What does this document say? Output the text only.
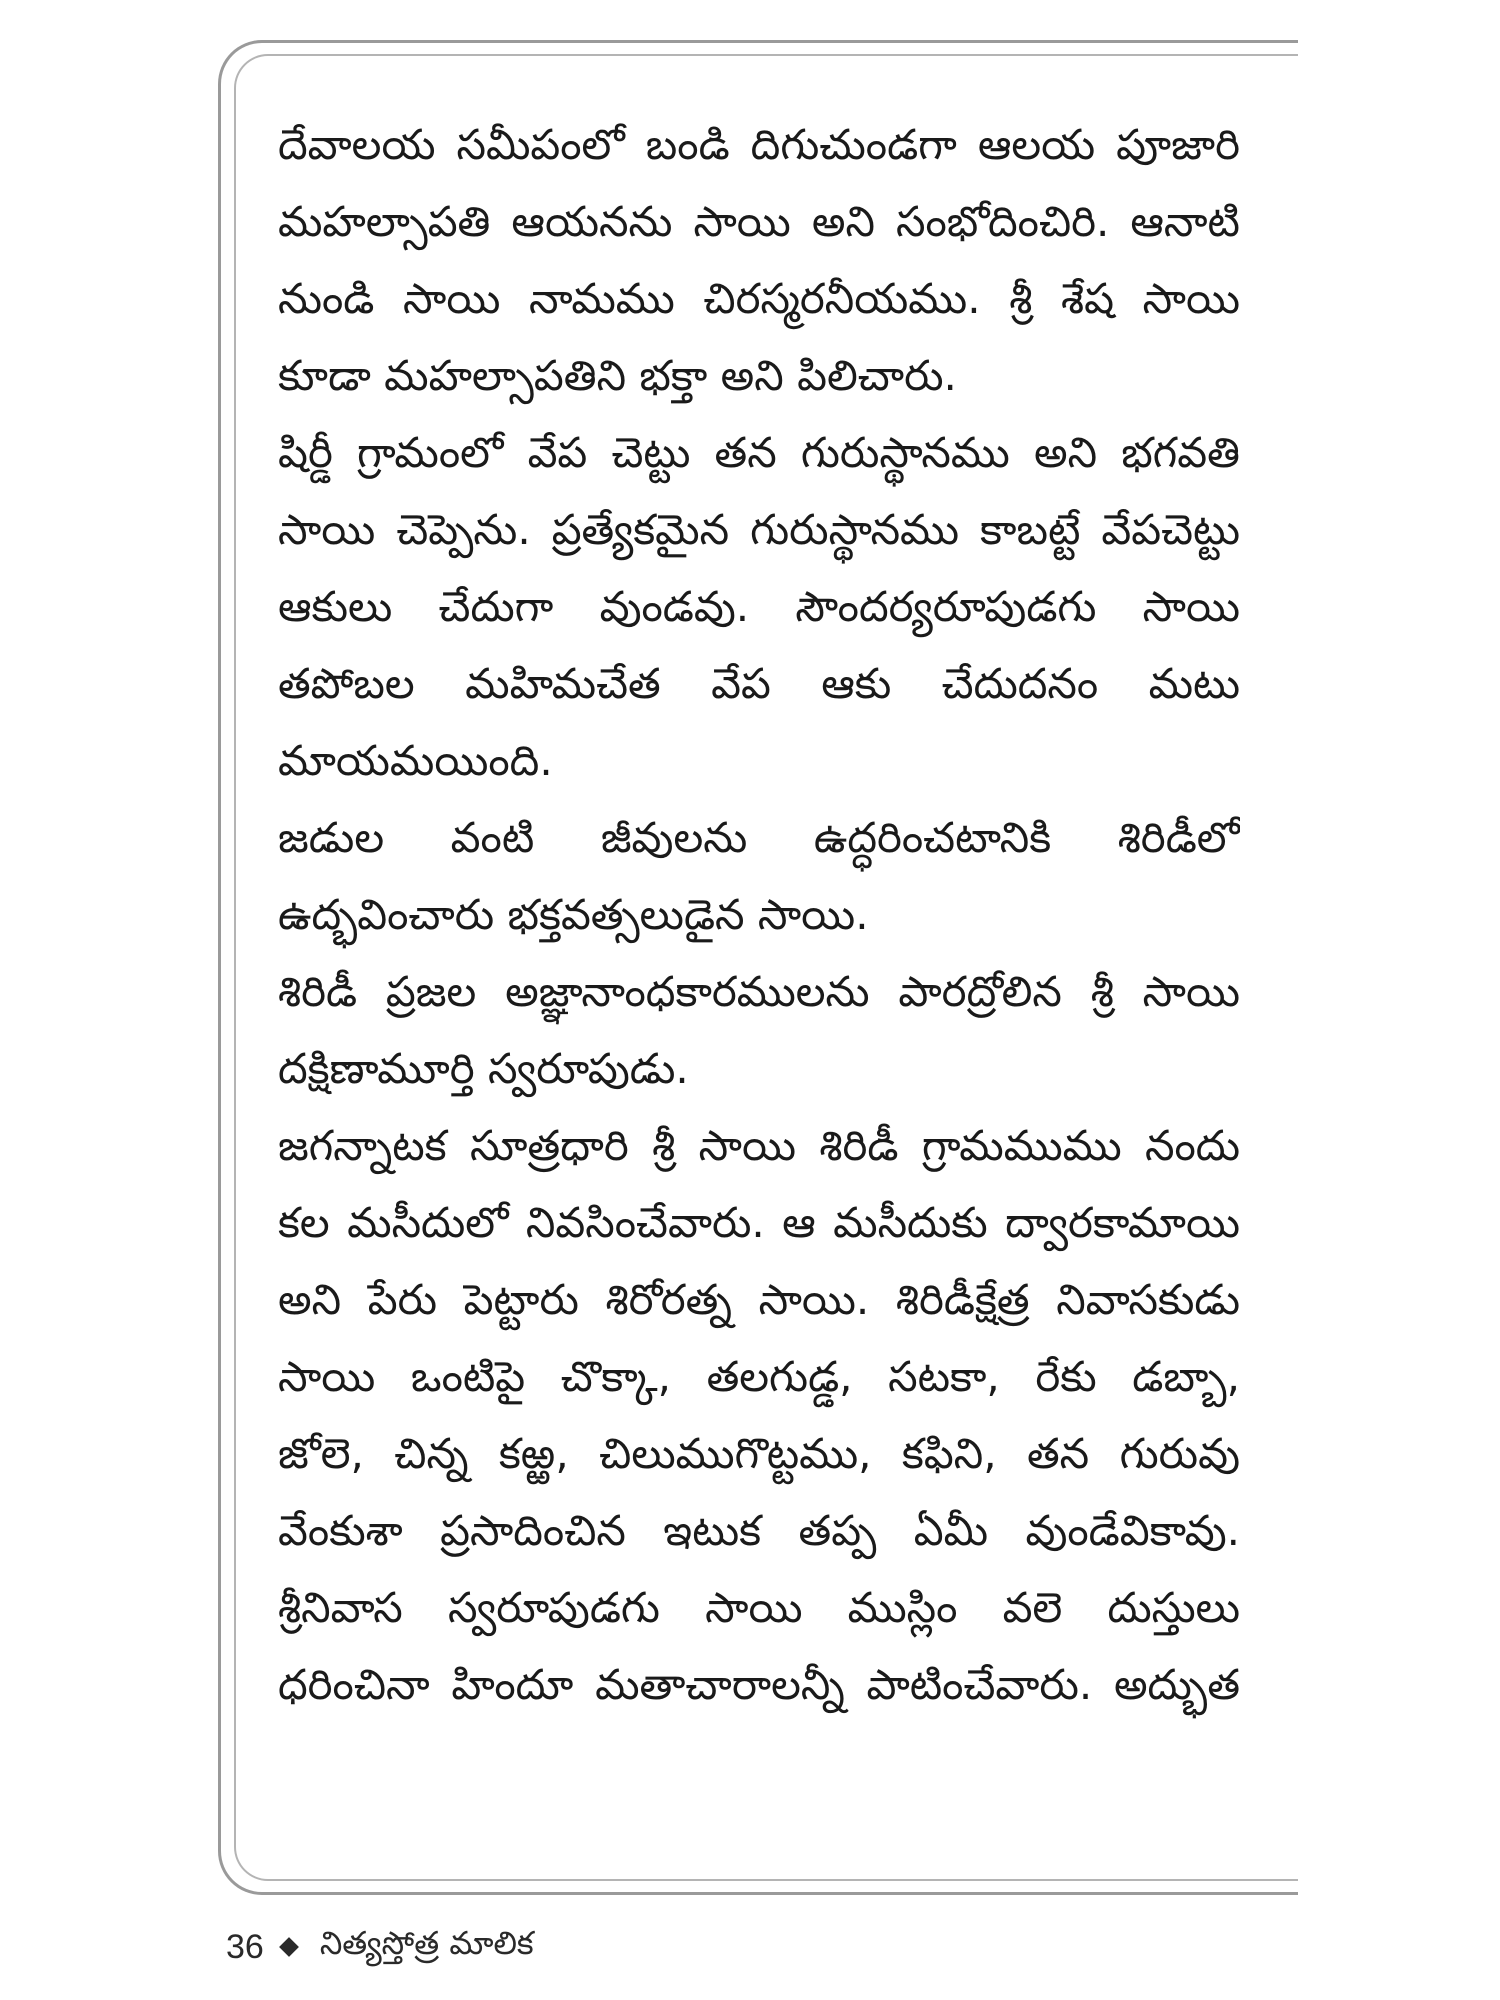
దేవాలయ సమీపంలో బండి దిగుచుండగా ఆలయ పూజారి
మహల్సాపతి ఆయనను సాయి అని సంభోదించిరి. ఆనాటి
నుండి సాయి నామము చిరస్మరనీయము. శ్రీ శేష సాయి
కూడా మహల్సాపతిని భక్తా అని పిలిచారు.
షిర్డీ గ్రామంలో వేప చెట్టు తన గురుస్థానము అని భగవతి
సాయి చెప్పెను. ప్రత్యేకమైన గురుస్థానము కాబట్టే వేపచెట్టు
ఆకులు చేదుగా వుండవు. సౌందర్యరూపుడగు సాయి
తపోబల మహిమచేత వేప ఆకు చేదుదనం మటు
మాయమయింది.
జడుల వంటి జీవులను ఉద్ధరించటానికి శిరిడీలో
ఉద్భవించారు భక్తవత్సలుడైన సాయి.
శిరిడీ ప్రజల అజ్ఞానాంధకారములను పారద్రోలిన శ్రీ సాయి
దక్షిణామూర్తి స్వరూపుడు.
జగన్నాటక సూత్రధారి శ్రీ సాయి శిరిడీ గ్రామముము నందు
కల మసీదులో నివసించేవారు. ఆ మసీదుకు ద్వారకామాయి
అని పేరు పెట్టారు శిరోరత్న సాయి. శిరిడీక్షేత్ర నివాసకుడు
సాయి ఒంటిపై చొక్కా, తలగుడ్డ, సటకా, రేకు డబ్బా,
జోలె, చిన్న కఱ్ఱ, చిలుముగొట్టము, కఫిని, తన గురువు
వేంకుశా ప్రసాదించిన ఇటుక తప్ప ఏమీ వుండేవికావు.
శ్రీనివాస స్వరూపుడగు సాయి ముస్లిం వలె దుస్తులు
ధరించినా హిందూ మతాచారాలన్నీ పాటించేవారు. అద్భుత
36 నిత్యస్తోత్ర మాలిక
